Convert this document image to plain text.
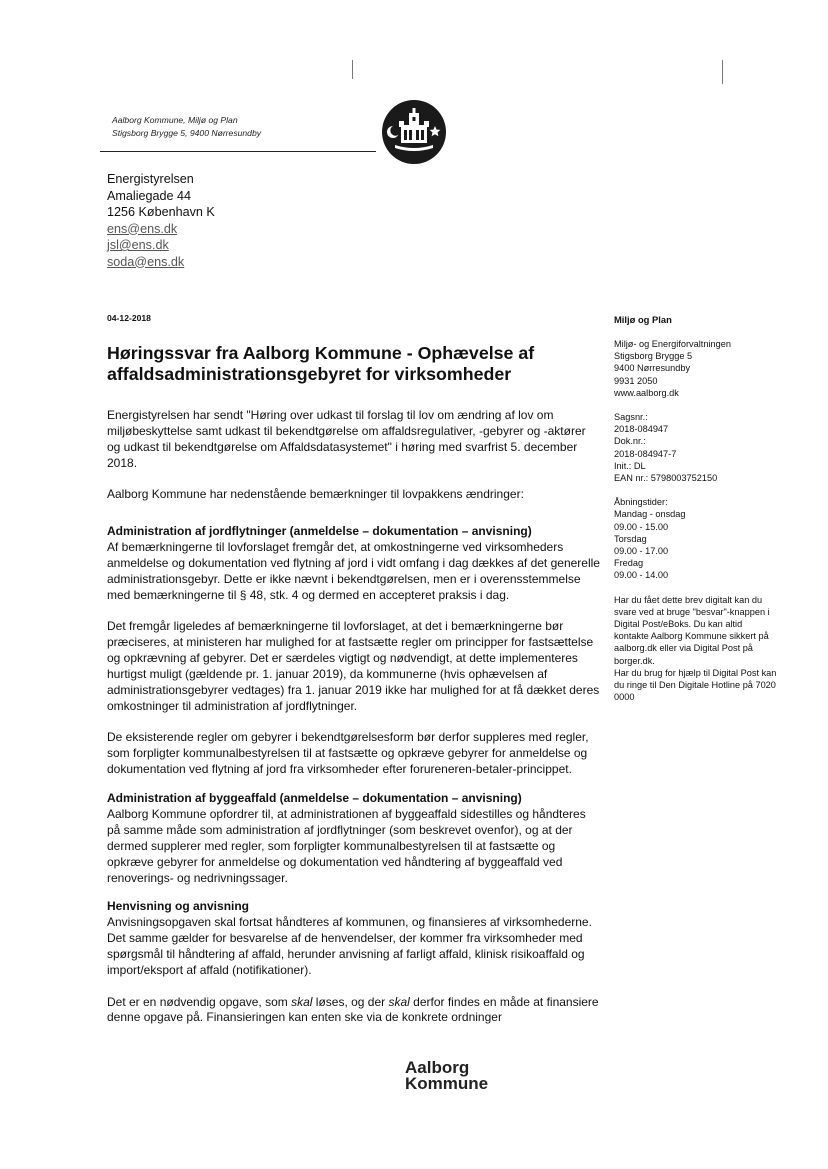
Aalborg Kommune, Miljø og Plan
Stigsborg Brygge 5, 9400 Nørresundby
Energistyrelsen
Amaliegade 44
1256 København K
ens@ens.dk
jsl@ens.dk
soda@ens.dk
04-12-2018
Høringssvar fra Aalborg Kommune - Ophævelse af affaldsadministrationsgebyret for virksomheder

Energistyrelsen har sendt "Høring over udkast til forslag til lov om ændring af lov om miljøbeskyttelse samt udkast til bekendtgørelse om affaldsregulativer, -gebyrer og -aktører og udkast til bekendtgørelse om Affaldsdatasystemet" i høring med svarfrist 5. december 2018.

Aalborg Kommune har nedenstående bemærkninger til lovpakkens ændringer:

Administration af jordflytninger (anmeldelse – dokumentation – anvisning)

Af bemærkningerne til lovforslaget fremgår det, at omkostningerne ved virksomheders anmeldelse og dokumentation ved flytning af jord i vidt omfang i dag dækkes af det generelle administrationsgebyr. Dette er ikke nævnt i bekendtgørelsen, men er i overensstemmelse med bemærkningerne til § 48, stk. 4 og dermed en accepteret praksis i dag.

Det fremgår ligeledes af bemærkningerne til lovforslaget, at det i bemærkningerne bør præciseres, at ministeren har mulighed for at fastsætte regler om principper for fastsættelse og opkrævning af gebyrer. Det er særdeles vigtigt og nødvendigt, at dette implementeres hurtigst muligt (gældende pr. 1. januar 2019), da kommunerne (hvis ophævelsen af administrationsgebyrer vedtages) fra 1. januar 2019 ikke har mulighed for at få dækket deres omkostninger til administration af jordflytninger.

De eksisterende regler om gebyrer i bekendtgørelsesform bør derfor suppleres med regler, som forpligter kommunalbestyrelsen til at fastsætte og opkræve gebyrer for anmeldelse og dokumentation ved flytning af jord fra virksomheder efter forureneren-betaler-princippet.

Administration af byggeaffald (anmeldelse – dokumentation – anvisning)

Aalborg Kommune opfordrer til, at administrationen af byggeaffald sidestilles og håndteres på samme måde som administration af jordflytninger (som beskrevet ovenfor), og at der dermed supplerer med regler, som forpligter kommunalbestyrelsen til at fastsætte og opkræve gebyrer for anmeldelse og dokumentation ved håndtering af byggeaffald ved renoverings- og nedrivningssager.

Henvisning og anvisning

Anvisningsopgaven skal fortsat håndteres af kommunen, og finansieres af virksomhederne. Det samme gælder for besvarelse af de henvendelser, der kommer fra virksomheder med spørgsmål til håndtering af affald, herunder anvisning af farligt affald, klinisk risikoaffald og import/eksport af affald (notifikationer).

Det er en nødvendig opgave, som skal løses, og der skal derfor findes en måde at finansiere denne opgave på. Finansieringen kan enten ske via de konkrete ordninger

Miljø og Plan
Miljø- og Energiforvaltningen
Stigsborg Brygge 5
9400 Nørresundby
9931 2050
www.aalborg.dk
Sagsnr.:
2018-084947
Dok.nr.:
2018-084947-7
Init.: DL
EAN nr.: 5798003752150
Åbningstider:
Mandag - onsdag
09.00 - 15.00
Torsdag
09.00 - 17.00
Fredag
09.00 - 14.00
Har du fået dette brev digitalt kan du svare ved at bruge "besvar"-knappen i Digital Post/eBoks. Du kan altid kontakte Aalborg Kommune sikkert på aalborg.dk eller via Digital Post på borger.dk.
Har du brug for hjælp til Digital Post kan du ringe til Den Digitale Hotline på 7020 0000
Aalborg
Kommune
